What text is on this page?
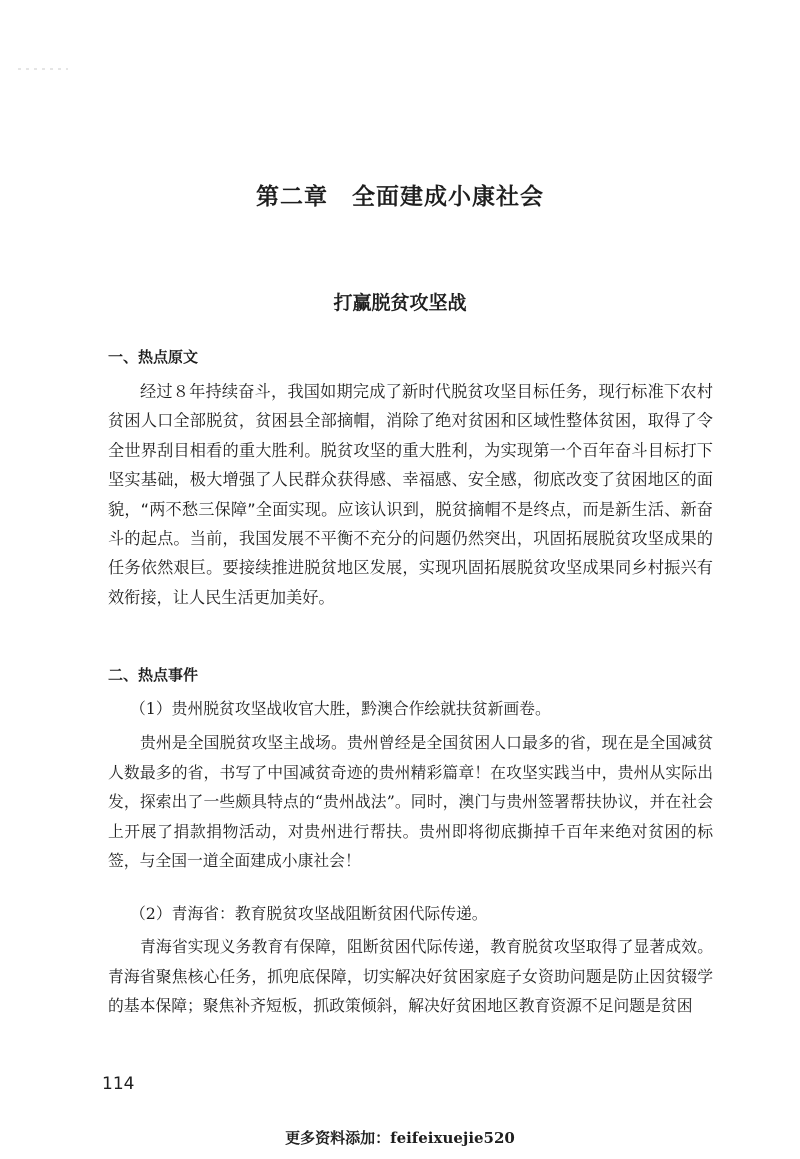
第二章 全面建成小康社会
打赢脱贫攻坚战
一、热点原文

经过８年持续奋斗，我国如期完成了新时代脱贫攻坚目标任务，现行标准下农村贫困人口全部脱贫，贫困县全部摘帽，消除了绝对贫困和区域性整体贫困，取得了令全世界刮目相看的重大胜利。脱贫攻坚的重大胜利，为实现第一个百年奋斗目标打下坚实基础，极大增强了人民群众获得感、幸福感、安全感，彻底改变了贫困地区的面貌，“两不愁三保障”全面实现。应该认识到，脱贫摘帽不是终点，而是新生活、新奋斗的起点。当前，我国发展不平衡不充分的问题仍然突出，巩固拓展脱贫攻坚成果的任务依然艰巨。要接续推进脱贫地区发展，实现巩固拓展脱贫攻坚成果同乡村振兴有效衔接，让人民生活更加美好。

二、热点事件

（1）贵州脱贫攻坚战收官大胜，黔澳合作绘就扶贫新画卷。

贵州是全国脱贫攻坚主战场。贵州曾经是全国贫困人口最多的省，现在是全国减贫人数最多的省，书写了中国减贫奇迹的贵州精彩篇章！在攻坚实践当中，贵州从实际出发，探索出了一些颇具特点的“贵州战法”。同时，澳门与贵州签署帮扶协议，并在社会上开展了捐款捐物活动，对贵州进行帮扶。贵州即将彻底撕掉千百年来绝对贫困的标签，与全国一道全面建成小康社会！

（2）青海省：教育脱贫攻坚战阻断贫困代际传递。

青海省实现义务教育有保障，阻断贫困代际传递，教育脱贫攻坚取得了显著成效。青海省聚焦核心任务，抓兜底保障，切实解决好贫困家庭子女资助问题是防止因贫辍学的基本保障；聚焦补齐短板，抓政策倾斜，解决好贫困地区教育资源不足问题是贫困

114

更多资料添加：feifeixuejie520
